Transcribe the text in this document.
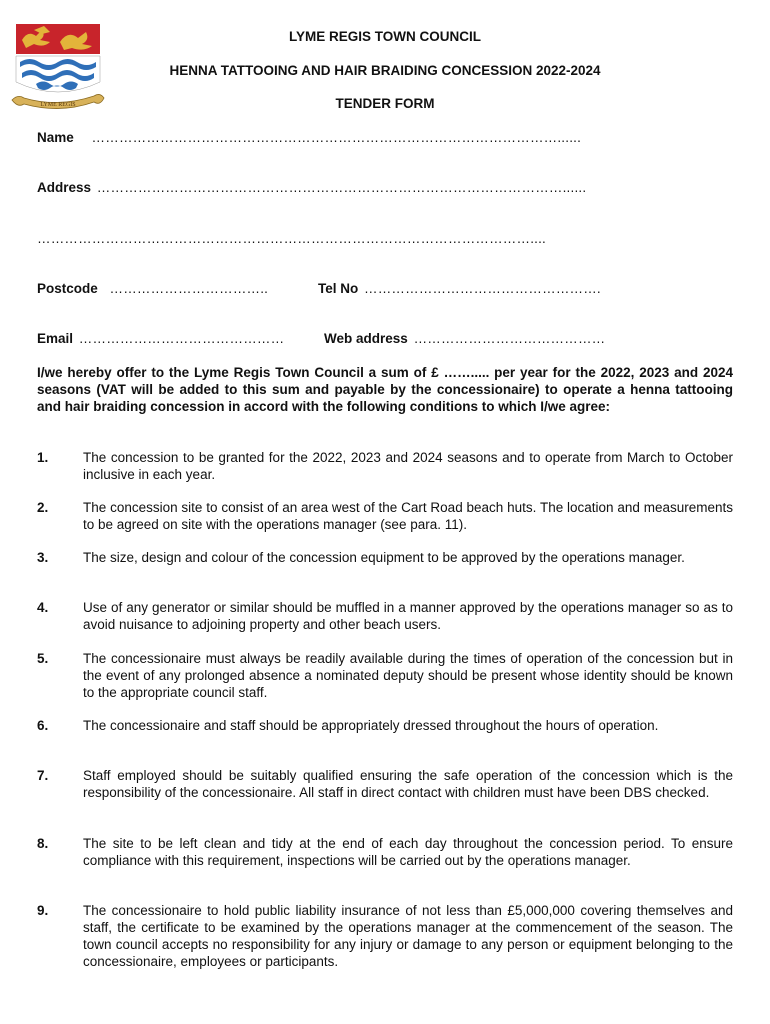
LYME REGIS
LYME REGIS TOWN COUNCIL
HENNA TATTOOING AND HAIR BRAIDING CONCESSION 2022-2024
TENDER FORM
Name …………………………………………………………………………………………......
Address …………………………………………………………………………………………......
………………………………………………………………………………………………....
Postcode ……………………………..	Tel No …………………………………………….
Email ………………………………………	Web address ……………………………………
I/we hereby offer to the Lyme Regis Town Council a sum of £ ……..... per year for the 2022, 2023 and 2024 seasons (VAT will be added to this sum and payable by the concessionaire) to operate a henna tattooing and hair braiding concession in accord with the following conditions to which I/we agree:
1.	The concession to be granted for the 2022, 2023 and 2024 seasons and to operate from March to October inclusive in each year.
2.	The concession site to consist of an area west of the Cart Road beach huts. The location and measurements to be agreed on site with the operations manager (see para. 11).
3.	The size, design and colour of the concession equipment to be approved by the operations manager.
4.	Use of any generator or similar should be muffled in a manner approved by the operations manager so as to avoid nuisance to adjoining property and other beach users.
5.	The concessionaire must always be readily available during the times of operation of the concession but in the event of any prolonged absence a nominated deputy should be present whose identity should be known to the appropriate council staff.
6.	The concessionaire and staff should be appropriately dressed throughout the hours of operation.
7.	Staff employed should be suitably qualified ensuring the safe operation of the concession which is the responsibility of the concessionaire. All staff in direct contact with children must have been DBS checked.
8.	The site to be left clean and tidy at the end of each day throughout the concession period. To ensure compliance with this requirement, inspections will be carried out by the operations manager.
9.	The concessionaire to hold public liability insurance of not less than £5,000,000 covering themselves and staff, the certificate to be examined by the operations manager at the commencement of the season. The town council accepts no responsibility for any injury or damage to any person or equipment belonging to the concessionaire, employees or participants.
